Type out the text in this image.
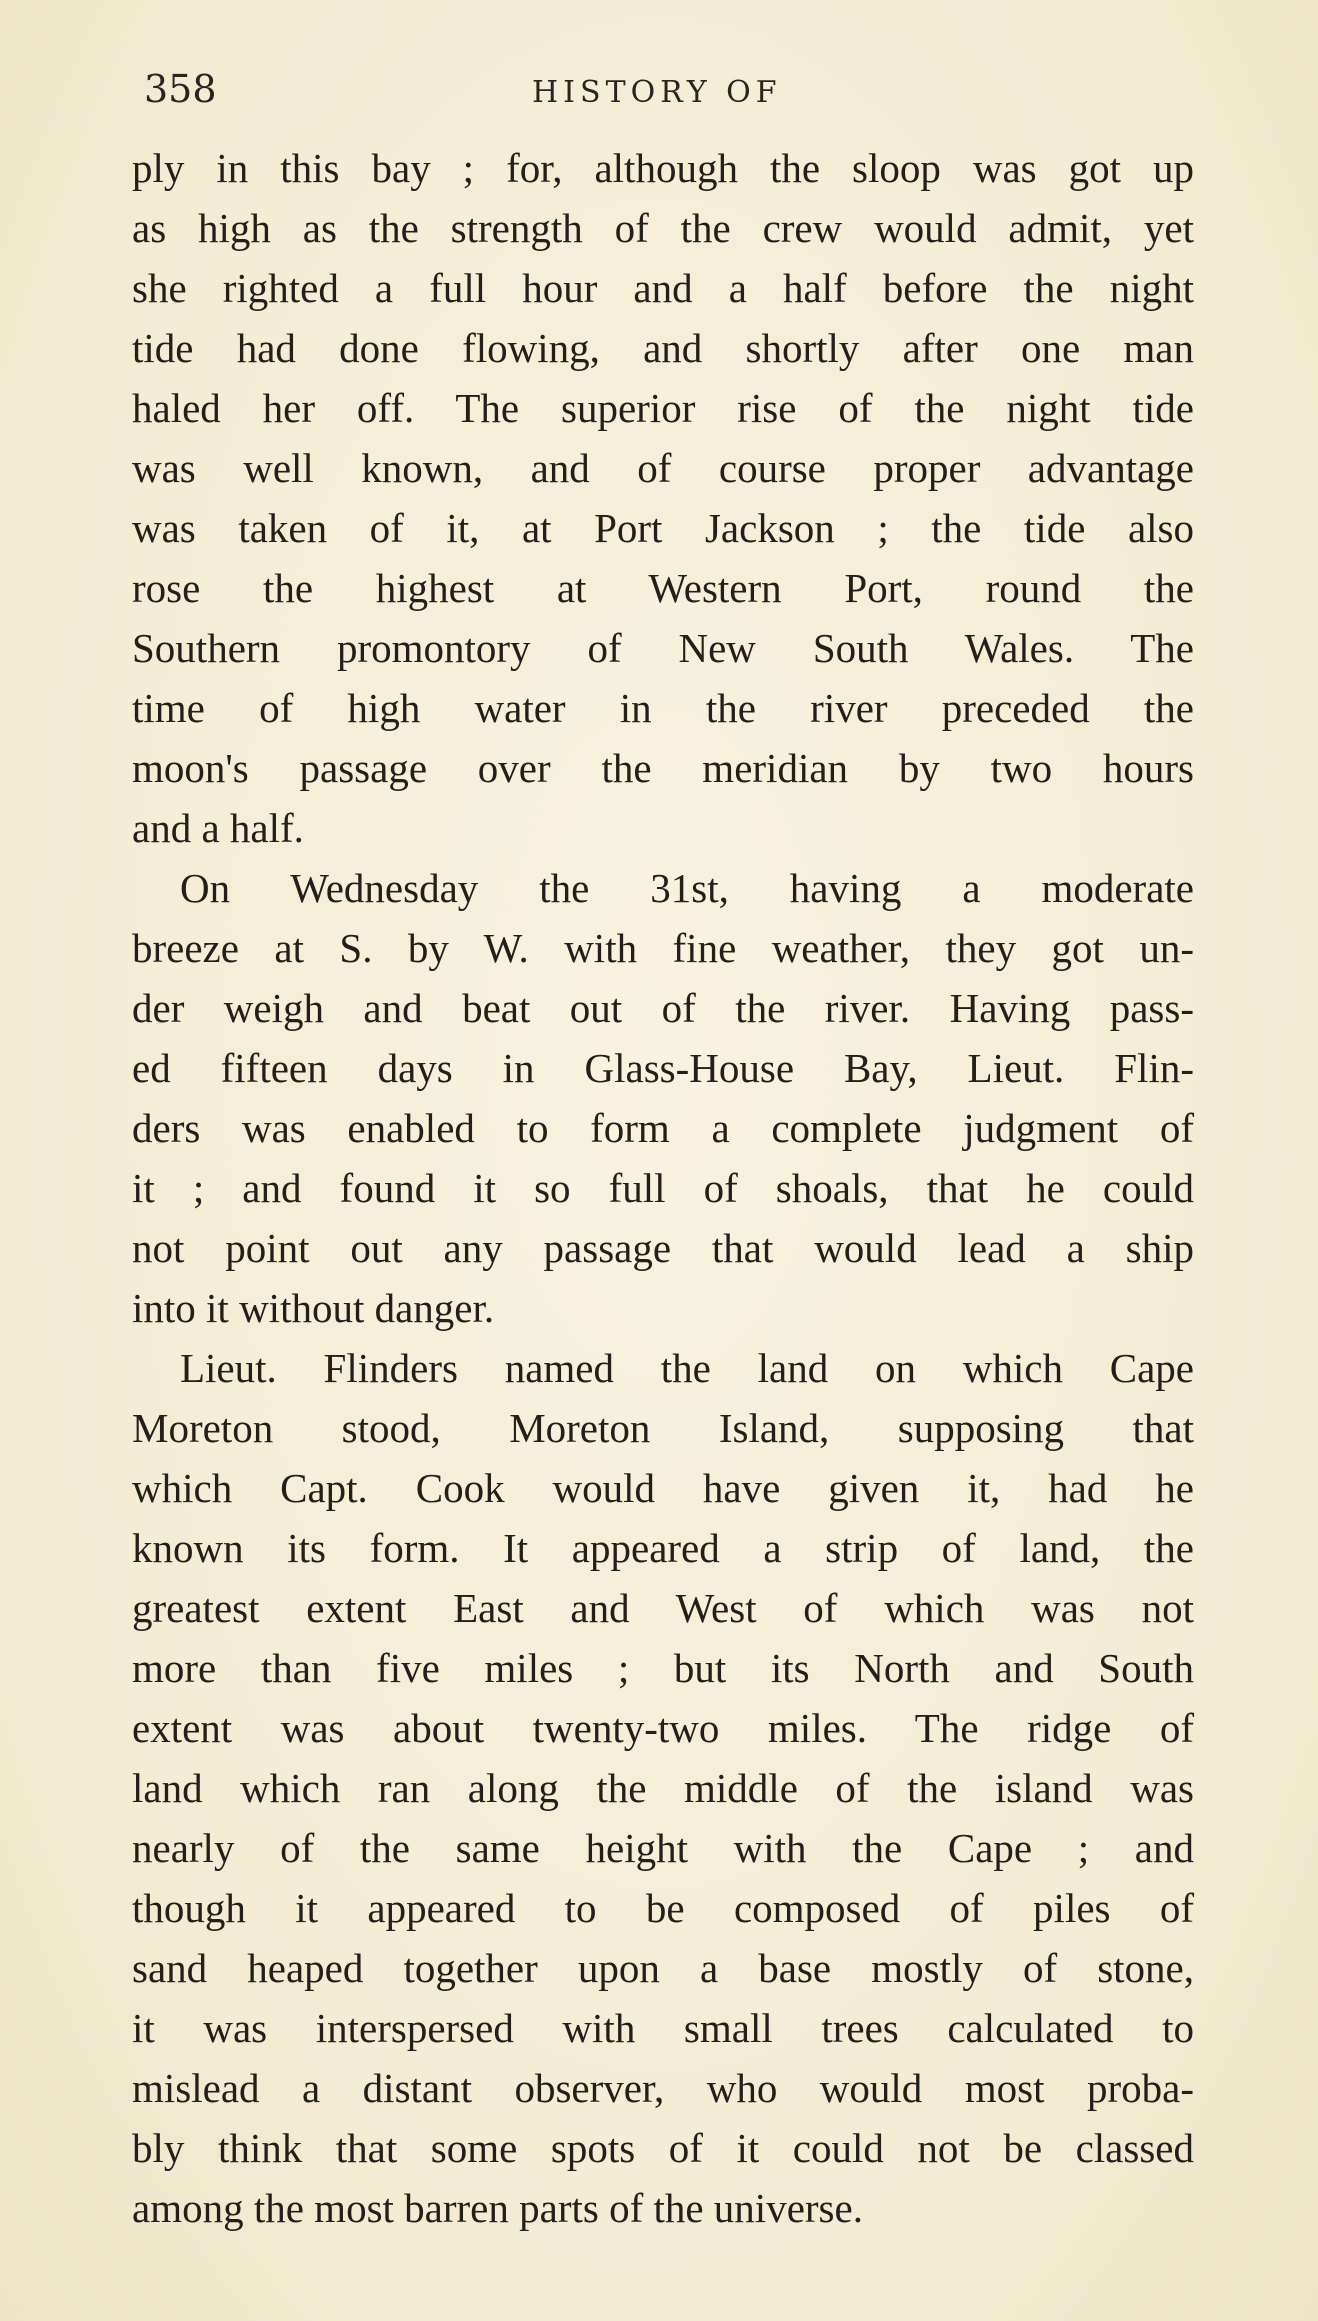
358	HISTORY OF
ply in this bay ; for, although the sloop was got up
as high as the strength of the crew would admit, yet
she righted a full hour and a half before the night
tide had done flowing, and shortly after one man
haled her off. The superior rise of the night tide
was well known, and of course proper advantage
was taken of it, at Port Jackson ; the tide also
rose the highest at Western Port, round the
Southern promontory of New South Wales. The
time of high water in the river preceded the
moon's passage over the meridian by two hours
and a half.
On Wednesday the 31st, having a moderate
breeze at S. by W. with fine weather, they got un-
der weigh and beat out of the river. Having pass-
ed fifteen days in Glass-House Bay, Lieut. Flin-
ders was enabled to form a complete judgment of
it ; and found it so full of shoals, that he could
not point out any passage that would lead a ship
into it without danger.
Lieut. Flinders named the land on which Cape
Moreton stood, Moreton Island, supposing that
which Capt. Cook would have given it, had he
known its form. It appeared a strip of land, the
greatest extent East and West of which was not
more than five miles ; but its North and South
extent was about twenty-two miles. The ridge of
land which ran along the middle of the island was
nearly of the same height with the Cape ; and
though it appeared to be composed of piles of
sand heaped together upon a base mostly of stone,
it was interspersed with small trees calculated to
mislead a distant observer, who would most proba-
bly think that some spots of it could not be classed
among the most barren parts of the universe.
